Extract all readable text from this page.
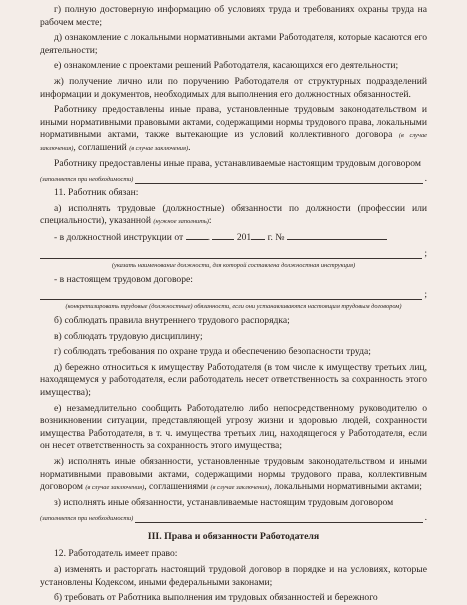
г) полную достоверную информацию об условиях труда и требованиях охраны труда на рабочем месте;

д) ознакомление с локальными нормативными актами Работодателя, которые касаются его деятельности;

е) ознакомление с проектами решений Работодателя, касающихся его деятельности;

ж) получение лично или по поручению Работодателя от структурных подразделений информации и документов, необходимых для выполнения его должностных обязанностей.

Работнику предоставлены иные права, установленные трудовым законодательством и иными нормативными правовыми актами, содержащими нормы трудового права, локальными нормативными актами, также вытекающие из условий коллективного договора (в случае заключения), соглашений (в случае заключения).

Работнику предоставлены иные права, устанавливаемые настоящим трудовым договором

(заполняется при необходимости)	.

11. Работник обязан:

а) исполнять трудовые (должностные) обязанности по должности (профессии или специальности), указанной (нужное заполнить):

- в должностной инструкции от	.	201 г. №

;

(указать наименование должности, для которой составлена должностная инструкция)

- в настоящем трудовом договоре:

;

(конкретизировать трудовые (должностные) обязанности, если они устанавливаются настоящим трудовым договором)

б) соблюдать правила внутреннего трудового распорядка;

в) соблюдать трудовую дисциплину;

г) соблюдать требования по охране труда и обеспечению безопасности труда;

д) бережно относиться к имуществу Работодателя (в том числе к имуществу третьих лиц, находящемуся у работодателя, если работодатель несет ответственность за сохранность этого имущества);

е) незамедлительно сообщить Работодателю либо непосредственному руководителю о возникновении ситуации, представляющей угрозу жизни и здоровью людей, сохранности имущества Работодателя, в т. ч. имущества третьих лиц, находящегося у Работодателя, если он несет ответственность за сохранность этого имущества;

ж) исполнять иные обязанности, установленные трудовым законодательством и иными нормативными правовыми актами, содержащими нормы трудового права, коллективным договором (в случае заключения), соглашениями (в случае заключения), локальными нормативными актами;

з) исполнять иные обязанности, устанавливаемые настоящим трудовым договором

(заполняется при необходимости)	.

III. Права и обязанности Работодателя

12. Работодатель имеет право:

а) изменять и расторгать настоящий трудовой договор в порядке и на условиях, которые установлены Кодексом, иными федеральными законами;

б) требовать от Работника выполнения им трудовых обязанностей и бережного
